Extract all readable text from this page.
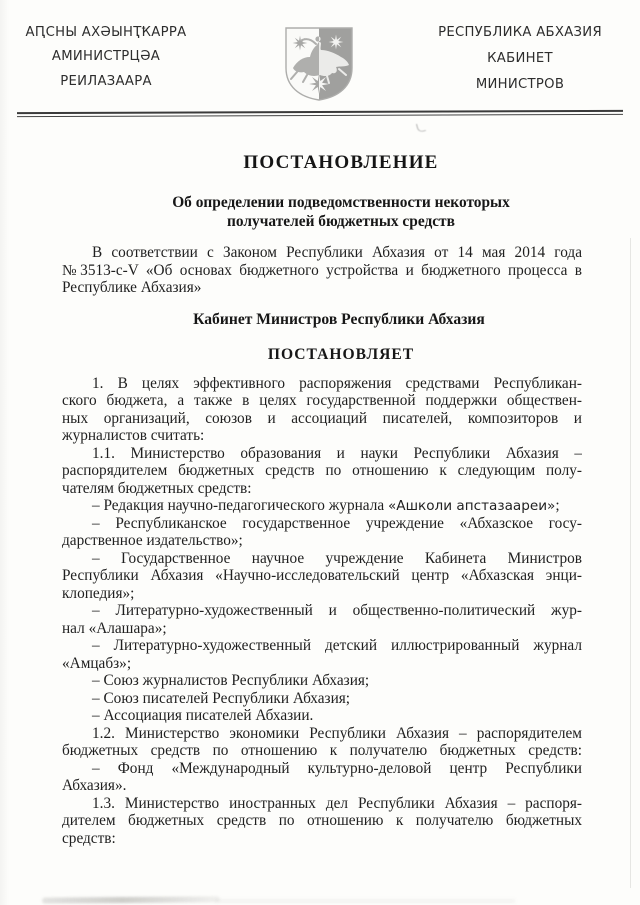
АԤСНЫ АХӘЫНҬҞАРРА
АМИНИСТРЦӘА
РЕИЛАЗААРА
РЕСПУБЛИКА АБХАЗИЯ
КАБИНЕТ
МИНИСТРОВ
ПОСТАНОВЛЕНИЕ
Об определении подведомственности некоторых
получателей бюджетных средств
В соответствии с Законом Республики Абхазия от 14 мая 2014 года
№3513-с-V «Об основах бюджетного устройства и бюджетного процесса в
Республике Абхазия»
Кабинет Министров Республики Абхазия
ПОСТАНОВЛЯЕТ
1. В целях эффективного распоряжения средствами Республикан-
ского бюджета, а также в целях государственной поддержки обществен-
ных организаций, союзов и ассоциаций писателей, композиторов и
журналистов считать:
1.1. Министерство образования и науки Республики Абхазия –
распорядителем бюджетных средств по отношению к следующим полу-
чателям бюджетных средств:
– Редакция научно-педагогического журнала «Ашколи апстазаареи»;
– Республиканское государственное учреждение «Абхазское госу-
дарственное издательство»;
– Государственное научное учреждение Кабинета Министров
Республики Абхазия «Научно-исследовательский центр «Абхазская энци-
клопедия»;
– Литературно-художественный и общественно-политический жур-
нал «Алашара»;
– Литературно-художественный детский иллюстрированный журнал
«Амцабз»;
– Союз журналистов Республики Абхазия;
– Союз писателей Республики Абхазия;
– Ассоциация писателей Абхазии.
1.2. Министерство экономики Республики Абхазия – распорядителем
бюджетных средств по отношению к получателю бюджетных средств:
– Фонд «Международный культурно-деловой центр Республики
Абхазия».
1.3. Министерство иностранных дел Республики Абхазия – распоря-
дителем бюджетных средств по отношению к получателю бюджетных
средств:
